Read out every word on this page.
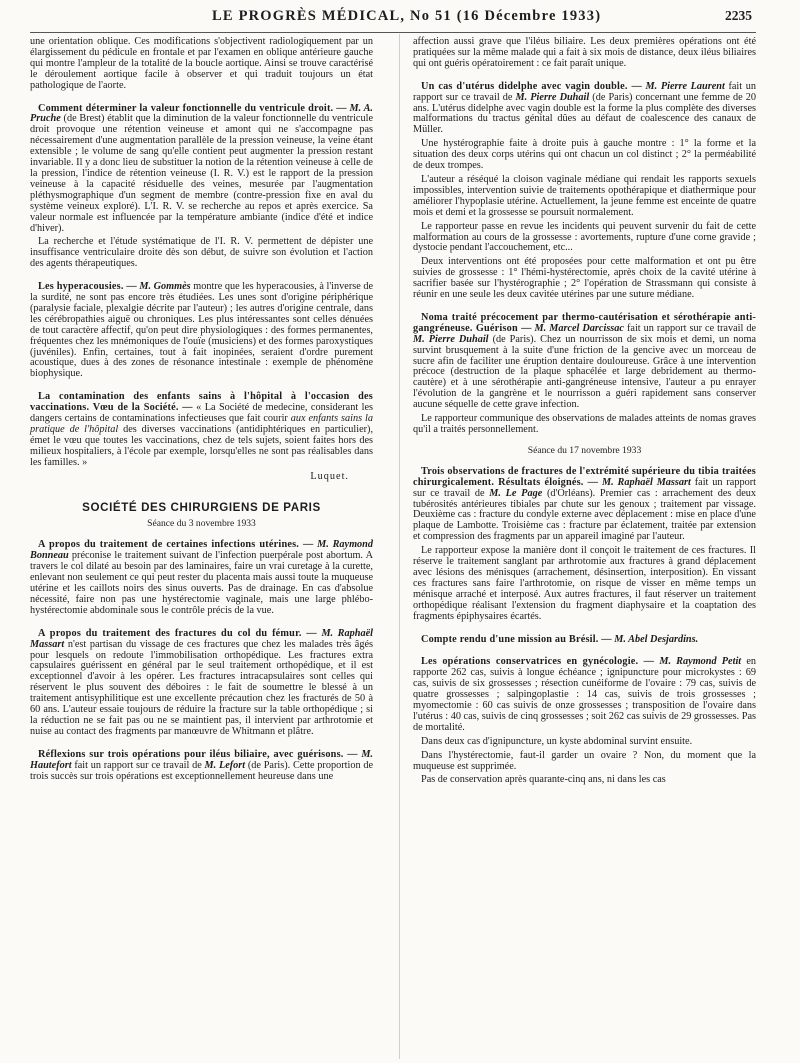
LE PROGRÈS MÉDICAL, No 51 (16 Décembre 1933)	2235

une orientation oblique. Ces modifications s'objectivent radiologiquement par un élargissement du pédicule en frontale et par l'examen en oblique antérieure gauche qui montre l'ampleur de la totalité de la boucle aortique. Ainsi se trouve caractérisé le déroulement aortique facile à observer et qui traduit toujours un état pathologique de l'aorte.

Comment déterminer la valeur fonctionnelle du ventricule droit. — M. A. Pruche (de Brest) établit que la diminution de la valeur fonctionnelle du ventricule droit provoque une rétention veineuse et amont qui ne s'accompagne pas nécessairement d'une augmentation parallèle de la pression veineuse, la veine étant extensible ; le volume de sang qu'elle contient peut augmenter la pression restant invariable. Il y a donc lieu de substituer la notion de la rétention veineuse à celle de la pression, l'indice de rétention veineuse (I. R. V.) est le rapport de la pression veineuse à la capacité résiduelle des veines, mesurée par l'augmentation pléthysmographique d'un segment de membre (contre-pression fixe en aval du système veineux exploré). L'I. R. V. se recherche au repos et après exercice. Sa valeur normale est influencée par la température ambiante (indice d'été et indice d'hiver).

La recherche et l'étude systématique de l'I. R. V. permettent de dépister une insuffisance ventriculaire droite dès son début, de suivre son évolution et l'action des agents thérapeutiques.

Les hyperacousies. — M. Gommès montre que les hyperacousies, à l'inverse de la surdité, ne sont pas encore très étudiées. Les unes sont d'origine périphérique (paralysie faciale, plexalgie décrite par l'auteur) ; les autres d'origine centrale, dans les cérébropathies aiguë ou chroniques. Les plus intéressantes sont celles dénuées de tout caractère affectif, qu'on peut dire physiologiques : des formes permanentes, fréquentes chez les mnémoniques de l'ouïe (musiciens) et des formes paroxystiques (juvéniles). Enfin, certaines, tout à fait inopinées, seraient d'ordre purement acoustique, dues à des zones de résonance intestinale : exemple de phénomène biophysique.

La contamination des enfants sains à l'hôpital à l'occasion des vaccinations. Vœu de la Société. — « La Société de medecine, considerant les dangers certains de contaminations infectieuses que fait courir aux enfants sains la pratique de l'hôpital des diverses vaccinations (antidiphtériques en particulier), émet le vœu que toutes les vaccinations, chez de tels sujets, soient faites hors des milieux hospitaliers, à l'école par exemple, lorsqu'elles ne sont pas réalisables dans les familles. »

Luquet.
SOCIÉTÉ DES CHIRURGIENS DE PARIS
Séance du 3 novembre 1933

A propos du traitement de certaines infections utérines. — M. Raymond Bonneau préconise le traitement suivant de l'infection puerpérale post abortum. A travers le col dilaté au besoin par des laminaires, faire un vrai curetage à la curette, enlevant non seulement ce qui peut rester du placenta mais aussi toute la muqueuse utérine et les caillots noirs des sinus ouverts. Pas de drainage. En cas d'absolue nécessité, faire non pas une hystérectomie vaginale, mais une large phlébo-hystérectomie abdominale sous le contrôle précis de la vue.

A propos du traitement des fractures du col du fémur. — M. Raphaël Massart n'est partisan du vissage de ces fractures que chez les malades très âgés pour lesquels on redoute l'immobilisation orthopédique. Les fractures extra capsulaires guérissent en général par le seul traitement orthopédique, et il est exceptionnel d'avoir à les opérer. Les fractures intracapsulaires sont celles qui réservent le plus souvent des déboires : le fait de soumettre le blessé à un traitement antisyphilitique est une excellente précaution chez les fracturés de 50 à 60 ans. L'auteur essaie toujours de réduire la fracture sur la table orthopédique ; si la réduction ne se fait pas ou ne se maintient pas, il intervient par arthrotomie et nuise au contact des fragments par manœuvre de Whitmann et plâtre.

Réflexions sur trois opérations pour iléus biliaire, avec guérisons. — M. Hautefort fait un rapport sur ce travail de M. Lefort (de Paris). Cette proportion de trois succès sur trois opérations est exceptionnellement heureuse dans une

affection aussi grave que l'iléus biliaire. Les deux premières opérations ont été pratiquées sur la même malade qui a fait à six mois de distance, deux iléus biliaires qui ont guéris opératoirement : ce fait paraît unique.

Un cas d'utérus didelphe avec vagin double. — M. Pierre Laurent fait un rapport sur ce travail de M. Pierre Duhail (de Paris) concernant une femme de 20 ans. L'utérus didelphe avec vagin double est la forme la plus complète des diverses malformations du tractus génital dûes au défaut de coalescence des canaux de Müller.

Une hystérographie faite à droite puis à gauche montre : 1° la forme et la situation des deux corps utérins qui ont chacun un col distinct ; 2° la perméabilité de deux trompes.

L'auteur a réséqué la cloison vaginale médiane qui rendait les rapports sexuels impossibles, intervention suivie de traitements opothérapique et diathermique pour améliorer l'hypoplasie utérine. Actuellement, la jeune femme est enceinte de quatre mois et demi et la grossesse se poursuit normalement.

Le rapporteur passe en revue les incidents qui peuvent survenir du fait de cette malformation au cours de la grossesse : avortements, rupture d'une corne gravide ; dystocie pendant l'accouchement, etc...

Deux interventions ont été proposées pour cette malformation et ont pu être suivies de grossesse : 1° l'hémi-hystérectomie, après choix de la cavité utérine à sacrifier basée sur l'hystérographie ; 2° l'opération de Strassmann qui consiste à réunir en une seule les deux cavitée utérines par une suture médiane.

Noma traité précocement par thermo-cautérisation et sérothérapie anti-gangréneuse. Guérison — M. Marcel Darcissac fait un rapport sur ce travail de M. Pierre Duhail (de Paris). Chez un nourrisson de six mois et demi, un noma survint brusquement à la suite d'une friction de la gencive avec un morceau de sucre afin de faciliter une éruption dentaire douloureuse. Grâce à une intervention précoce (destruction de la plaque sphacélée et large debridement au thermo-cautère) et à une sérothérapie anti-gangréneuse intensive, l'auteur a pu enrayer l'évolution de la gangrène et le nourrisson a guéri rapidement sans conserver aucune séquelle de cette grave infection.

Le rapporteur communique des observations de malades atteints de nomas graves qu'il a traités personnellement.

Séance du 17 novembre 1933

Trois observations de fractures de l'extrémité supérieure du tibia traitées chirurgicalement. Résultats éloignés. — M. Raphaël Massart fait un rapport sur ce travail de M. Le Page (d'Orléans). Premier cas : arrachement des deux tubérosités antérieures tibiales par chute sur les genoux ; traitement par vissage. Deuxième cas : fracture du condyle externe avec déplacement : mise en place d'une plaque de Lambotte. Troisième cas : fracture par éclatement, traitée par extension et compression des fragments par un appareil imaginé par l'auteur.

Le rapporteur expose la manière dont il conçoit le traitement de ces fractures. Il réserve le traitement sanglant par arthrotomie aux fractures à grand déplacement avec lésions des ménisques (arrachement, désinsertion, interposition). En vissant ces fractures sans faire l'arthrotomie, on risque de visser en même temps un ménisque arraché et interposé. Aux autres fractures, il faut réserver un traitement orthopédique réalisant l'extension du fragment diaphysaire et la coaptation des fragments épiphysaires écartés.

Compte rendu d'une mission au Brésil. — M. Abel Desjardins.

Les opérations conservatrices en gynécologie. — M. Raymond Petit en rapporte 262 cas, suivis à longue échéance ; ignipuncture pour microkystes : 69 cas, suivis de six grossesses ; résection cunéiforme de l'ovaire : 79 cas, suivis de quatre grossesses ; salpingoplastie : 14 cas, suivis de trois grossesses ; myomectomie : 60 cas suivis de onze grossesses ; transposition de l'ovaire dans l'utérus : 40 cas, suivis de cinq grossesses ; soit 262 cas suivis de 29 grossesses. Pas de mortalité.

Dans deux cas d'ignipuncture, un kyste abdominal survint ensuite.

Dans l'hystérectomie, faut-il garder un ovaire ? Non, du moment que la muqueuse est supprimée.

Pas de conservation après quarante-cinq ans, ni dans les cas
